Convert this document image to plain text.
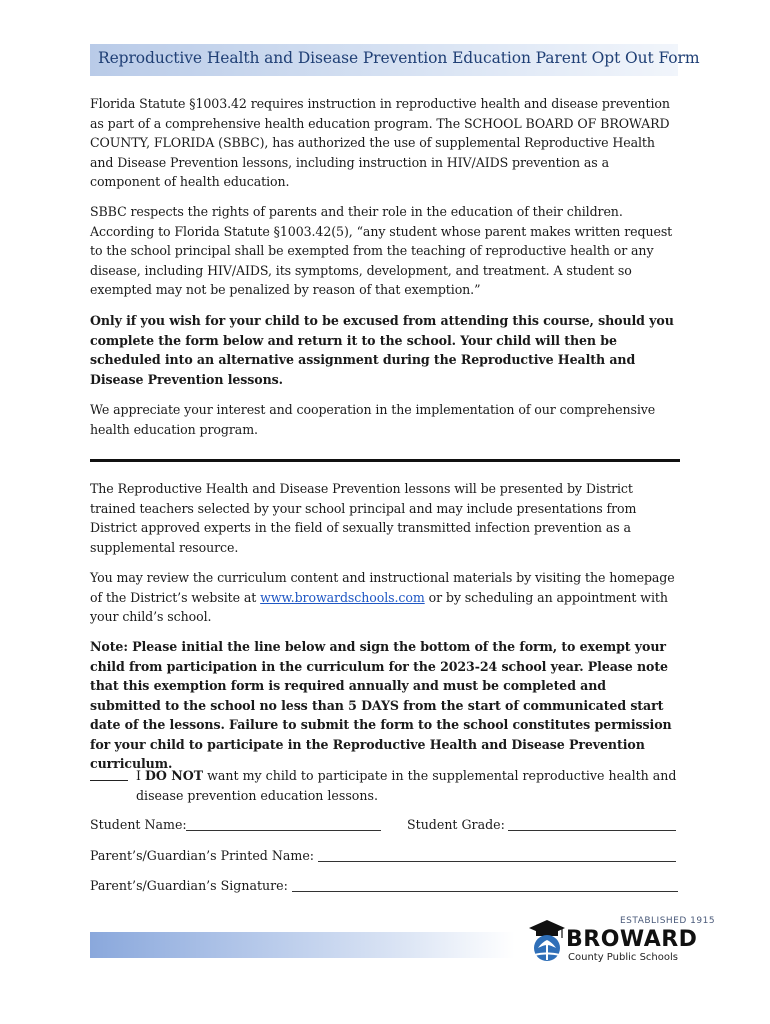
Reproductive Health and Disease Prevention Education Parent Opt Out Form

Florida Statute §1003.42 requires instruction in reproductive health and disease prevention as part of a comprehensive health education program. The SCHOOL BOARD OF BROWARD COUNTY, FLORIDA (SBBC), has authorized the use of supplemental Reproductive Health and Disease Prevention lessons, including instruction in HIV/AIDS prevention as a component of health education.

SBBC respects the rights of parents and their role in the education of their children. According to Florida Statute §1003.42(5), “any student whose parent makes written request to the school principal shall be exempted from the teaching of reproductive health or any disease, including HIV/AIDS, its symptoms, development, and treatment. A student so exempted may not be penalized by reason of that exemption.”

Only if you wish for your child to be excused from attending this course, should you complete the form below and return it to the school. Your child will then be scheduled into an alternative assignment during the Reproductive Health and Disease Prevention lessons.

We appreciate your interest and cooperation in the implementation of our comprehensive health education program.

The Reproductive Health and Disease Prevention lessons will be presented by District trained teachers selected by your school principal and may include presentations from District approved experts in the field of sexually transmitted infection prevention as a supplemental resource.

You may review the curriculum content and instructional materials by visiting the homepage of the District’s website at www.browardschools.com or by scheduling an appointment with your child’s school.

Note: Please initial the line below and sign the bottom of the form, to exempt your child from participation in the curriculum for the 2023-24 school year. Please note that this exemption form is required annually and must be completed and submitted to the school no less than 5 DAYS from the start of communicated start date of the lessons. Failure to submit the form to the school constitutes permission for your child to participate in the Reproductive Health and Disease Prevention curriculum.

I DO NOT want my child to participate in the supplemental reproductive health and disease prevention education lessons.
Student Name:	Student Grade:
Parent’s/Guardian’s Printed Name:
Parent’s/Guardian’s Signature:
ESTABLISHED 1915
BROWARD
County Public Schools
